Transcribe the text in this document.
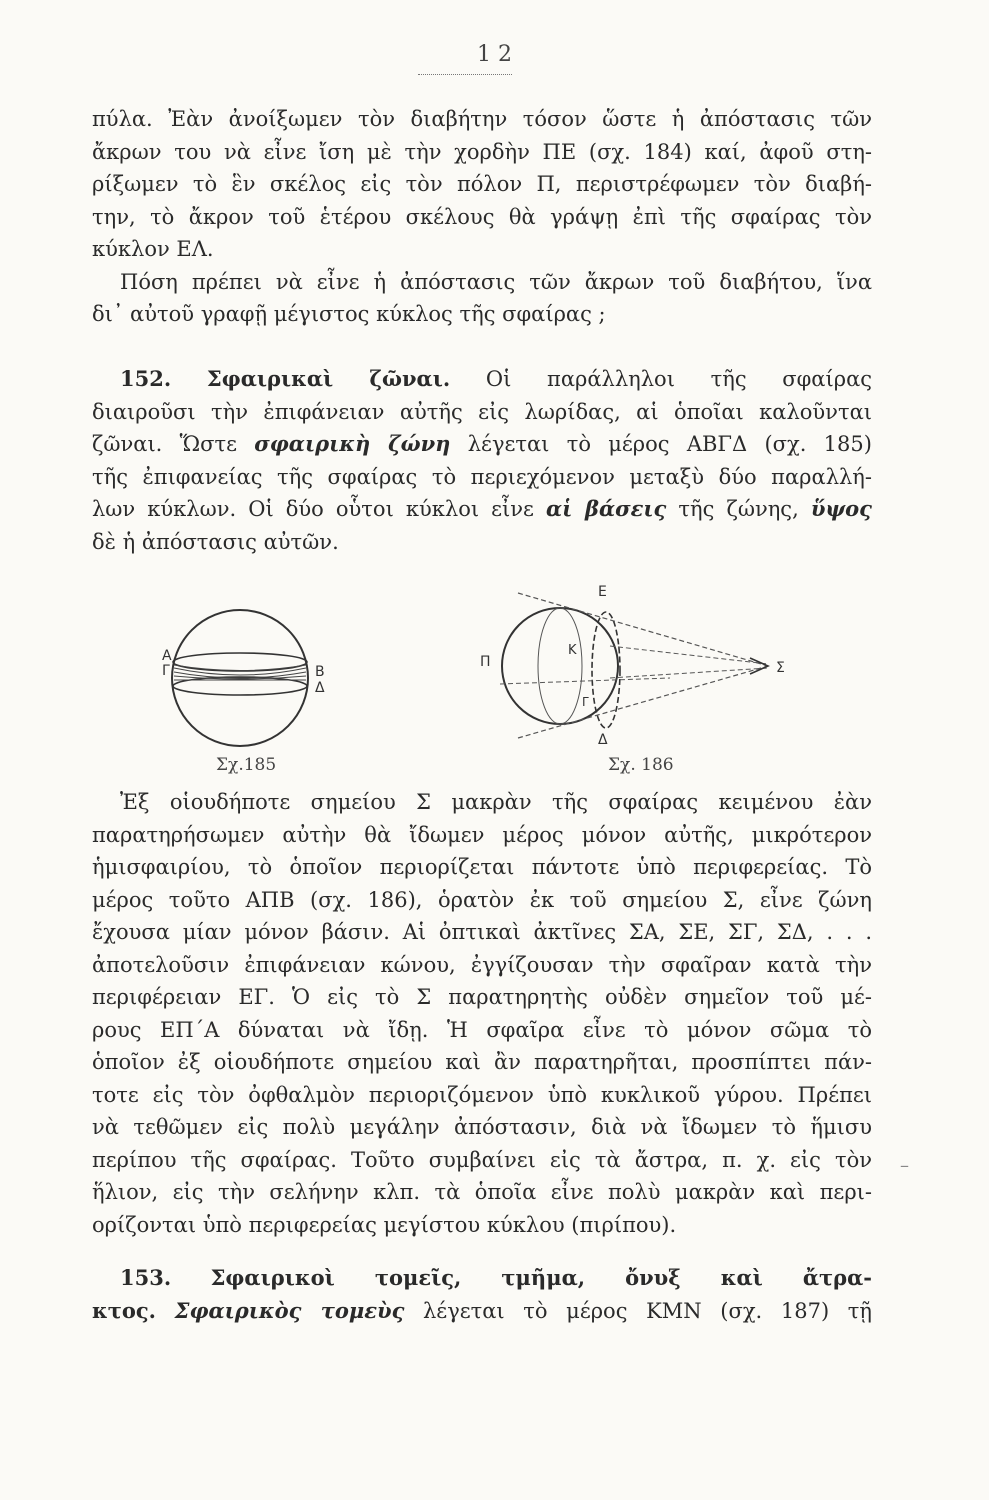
1 2
πύλα. Ἐὰν ἀνοίξωμεν τὸν διαβήτην τόσον ὥστε ἡ ἀπόστασις τῶν
ἄκρων του νὰ εἶνε ἴση μὲ τὴν χορδὴν ΠΕ (σχ. 184) καί, ἀφοῦ στη-
ρίξωμεν τὸ ἓν σκέλος εἰς τὸν πόλον Π, περιστρέφωμεν τὸν διαβή-
την, τὸ ἄκρον τοῦ ἑτέρου σκέλους θὰ γράψῃ ἐπὶ τῆς σφαίρας τὸν
κύκλον ΕΛ.
Πόση πρέπει νὰ εἶνε ἡ ἀπόστασις τῶν ἄκρων τοῦ διαβήτου, ἵνα
δι᾽ αὐτοῦ γραφῇ μέγιστος κύκλος τῆς σφαίρας ;
152. Σφαιρικαὶ ζῶναι. Οἱ παράλληλοι τῆς σφαίρας
διαιροῦσι τὴν ἐπιφάνειαν αὐτῆς εἰς λωρίδας, αἱ ὁποῖαι καλοῦνται
ζῶναι. Ὥστε σφαιρικὴ ζώνη λέγεται τὸ μέρος ΑΒΓΔ (σχ. 185)
τῆς ἐπιφανείας τῆς σφαίρας τὸ περιεχόμενον μεταξὺ δύο παραλλή-
λων κύκλων. Οἱ δύο οὗτοι κύκλοι εἶνε αἱ βάσεις τῆς ζώνης, ὕψος
δὲ ἡ ἀπόστασις αὐτῶν.
Α
Γ	Β
Δ
Σχ.185
Ε
Π
Κ
Σ
Δ
Γ
Σχ. 186
Ἐξ οἱουδήποτε σημείου Σ μακρὰν τῆς σφαίρας κειμένου ἐὰν
παρατηρήσωμεν αὐτὴν θὰ ἴδωμεν μέρος μόνον αὐτῆς, μικρότερον
ἡμισφαιρίου, τὸ ὁποῖον περιορίζεται πάντοτε ὑπὸ περιφερείας. Τὸ
μέρος τοῦτο ΑΠΒ (σχ. 186), ὁρατὸν ἐκ τοῦ σημείου Σ, εἶνε ζώνη
ἔχουσα μίαν μόνον βάσιν. Αἱ ὀπτικαὶ ἀκτῖνες ΣΑ, ΣΕ, ΣΓ, ΣΔ, . . .
ἀποτελοῦσιν ἐπιφάνειαν κώνου, ἐγγίζουσαν τὴν σφαῖραν κατὰ τὴν
περιφέρειαν ΕΓ. Ὁ εἰς τὸ Σ παρατηρητὴς οὐδὲν σημεῖον τοῦ μέ-
ρους ΕΠ΄Α δύναται νὰ ἴδῃ. Ἡ σφαῖρα εἶνε τὸ μόνον σῶμα τὸ
ὁποῖον ἐξ οἱουδήποτε σημείου καὶ ἂν παρατηρῆται, προσπίπτει πάν-
τοτε εἰς τὸν ὀφθαλμὸν περιοριζόμενον ὑπὸ κυκλικοῦ γύρου. Πρέπει
νὰ τεθῶμεν εἰς πολὺ μεγάλην ἀπόστασιν, διὰ νὰ ἴδωμεν τὸ ἥμισυ
περίπου τῆς σφαίρας. Τοῦτο συμβαίνει εἰς τὰ ἄστρα, π. χ. εἰς τὸν
ἥλιον, εἰς τὴν σελήνην κλπ. τὰ ὁποῖα εἶνε πολὺ μακρὰν καὶ περι-
ορίζονται ὑπὸ περιφερείας μεγίστου κύκλου (πιρίπου).
153. Σφαιρικοὶ τομεῖς, τμῆμα, ὄνυξ καὶ ἄτρα-
κτος. Σφαιρικὸς τομεὺς λέγεται τὸ μέρος ΚΜΝ (σχ. 187) τῇ
–
